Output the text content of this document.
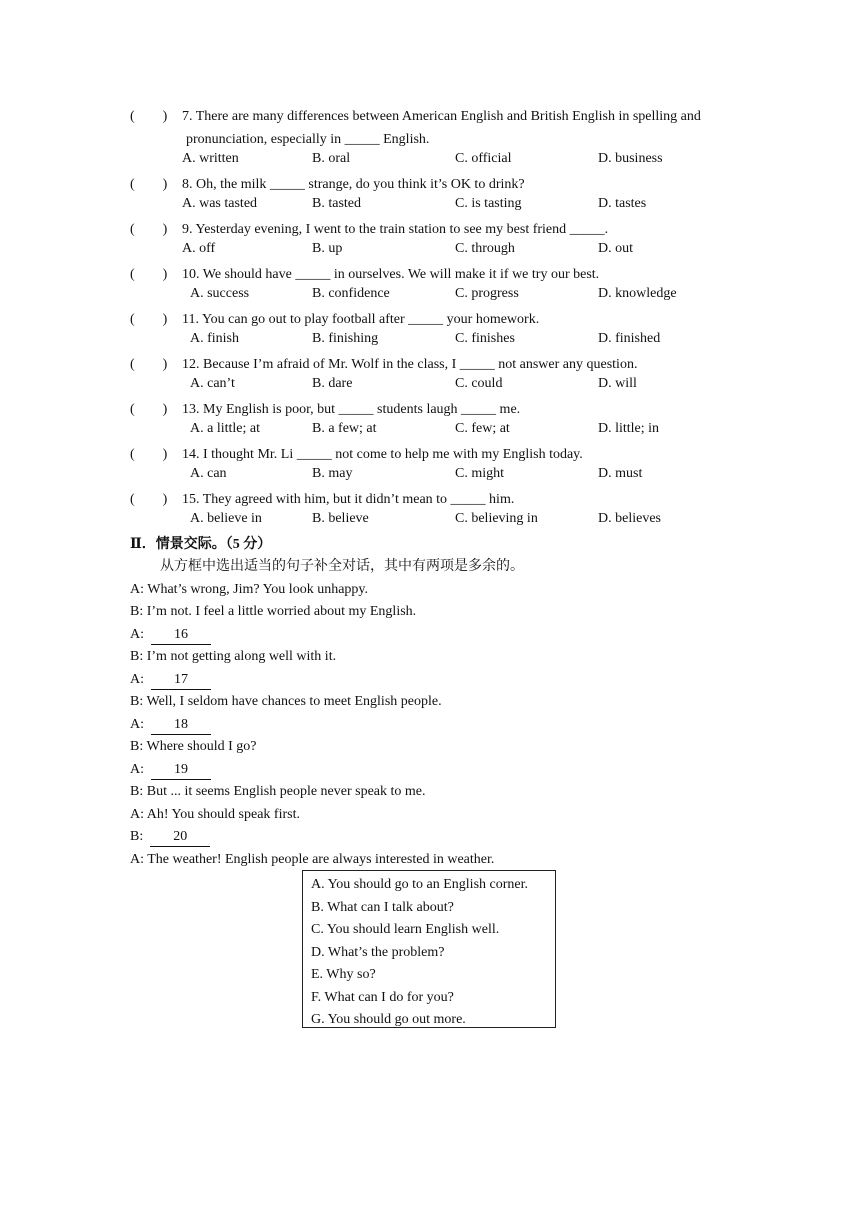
(　　) 7. There are many differences between American English and British English in spelling and
pronunciation, especially in _____ English.
A. written	B. oral	C. official	D. business
(　　) 8. Oh, the milk _____ strange, do you think it’s OK to drink?
A. was tasted	B. tasted	C. is tasting	D. tastes
(　　) 9. Yesterday evening, I went to the train station to see my best friend _____.
A. off	B. up	C. through	D. out
(　　) 10. We should have _____ in ourselves. We will make it if we try our best.
A. success	B. confidence	C. progress	D. knowledge
(　　) 11. You can go out to play football after _____ your homework.
A. finish	B. finishing	C. finishes	D. finished
(　　) 12. Because I’m afraid of Mr. Wolf in the class, I _____ not answer any question.
A. can’t	B. dare	C. could	D. will
(　　) 13. My English is poor, but _____ students laugh _____ me.
A. a little; at	B. a few; at	C. few; at	D. little; in
(　　) 14. I thought Mr. Li _____ not come to help me with my English today.
A. can	B. may	C. might	D. must
(　　) 15. They agreed with him, but it didn’t mean to _____ him.
A. believe in	B. believe	C. believing in	D. believes
Ⅱ．情景交际。（5 分）
从方框中选出适当的句子补全对话，其中有两项是多余的。
A: What’s wrong, Jim? You look unhappy.
B: I’m not. I feel a little worried about my English.
A: 16
B: I’m not getting along well with it.
A: 17
B: Well, I seldom have chances to meet English people.
A: 18
B: Where should I go?
A: 19
B: But ... it seems English people never speak to me.
A: Ah! You should speak first.
B: 20
A: The weather! English people are always interested in weather.
A. You should go to an English corner.
B. What can I talk about?
C. You should learn English well.
D. What’s the problem?
E. Why so?
F. What can I do for you?
G. You should go out more.
